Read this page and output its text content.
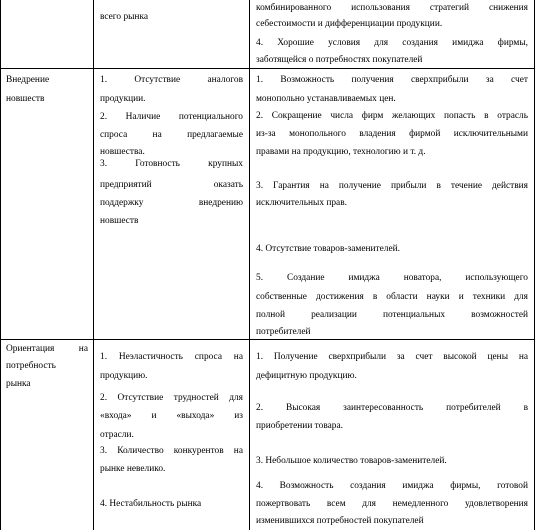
всего рынка
комбинированного использования стратегий снижения
себестоимости и дифференциации продукции.
4. Хорошие условия для создания имиджа фирмы,
заботящейся о потребностях покупателей
Внедрение
новшеств
1. Отсутствие аналогов
продукции.
2. Наличие потенциального
спроса на предлагаемые
новшества.
3. Готовность крупных
предприятий оказать
поддержку внедрению
новшеств
1. Возможность получения сверхприбыли за счет
монопольно устанавливаемых цен.
2. Сокращение числа фирм желающих попасть в отрасль
из-за монопольного владения фирмой исключительными
правами на продукцию, технологию и т. д.
3. Гарантия на получение прибыли в течение действия
исключительных прав.
4. Отсутствие товаров-заменителей.
5. Создание имиджа новатора, использующего
собственные достижения в области науки и техники для
полной реализации потенциальных возможностей
потребителей
Ориентация на
потребность
рынка
1. Неэластичность спроса на
продукцию.
2. Отсутствие трудностей для
«входа» и «выхода» из
отрасли.
3. Количество конкурентов на
рынке невелико.
4. Нестабильность рынка
1. Получение сверхприбыли за счет высокой цены на
дефицитную продукцию.
2. Высокая заинтересованность потребителей в
приобретении товара.
3. Небольшое количество товаров-заменителей.
4. Возможность создания имиджа фирмы, готовой
пожертвовать всем для немедленного удовлетворения
изменившихся потребностей покупателей
